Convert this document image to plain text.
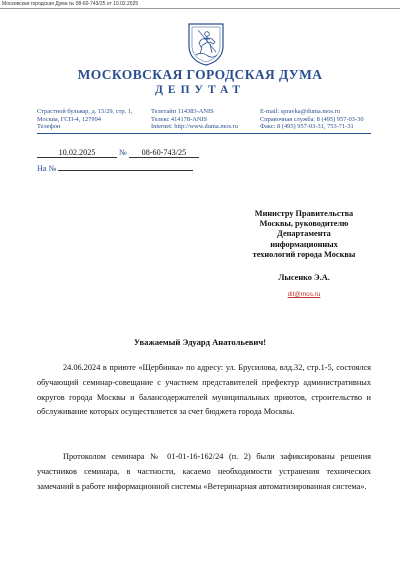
Московская городская Дума № 08-60-743/25 от 10.02.2025
МОСКОВСКАЯ ГОРОДСКАЯ ДУМА
ДЕПУТАТ
Страстной бульвар, д. 15/29, стр. 1,
Москва, ГСП-4, 127994
Телефон
Телетайп 114383-ANIS
Телекс 414178-ANIS
Internet: http://www.duma.mos.ru
E-mail: spravka@duma.mos.ru
Справочная служба: 8 (495) 957-03-30
Факс: 8 (495) 957-03-31, 753-71-31
10.02.2025	№ 08-60-743/25
На №
Министру Правительства
Москвы, руководителю
Департамента
информационных
технологий города Москвы
Лысенко Э.А.
dit@mos.ru
Уважаемый Эдуард Анатольевич!
24.06.2024 в приюте «Щербинка» по адресу: ул. Брусилова, влд.32, стр.1-5, состоялся обучающий семинар-совещание с участием представителей префектур административных округов города Москвы и балансодержателей муниципальных приютов, строительство и обслуживание которых осуществляется за счет бюджета города Москвы.
Протоколом семинара № 01-01-16-162/24 (п. 2) были зафиксированы решения участников семинара, в частности, касаемо необходимости устранения технических замечаний в работе информационной системы «Ветеринарная автоматизированная система».
